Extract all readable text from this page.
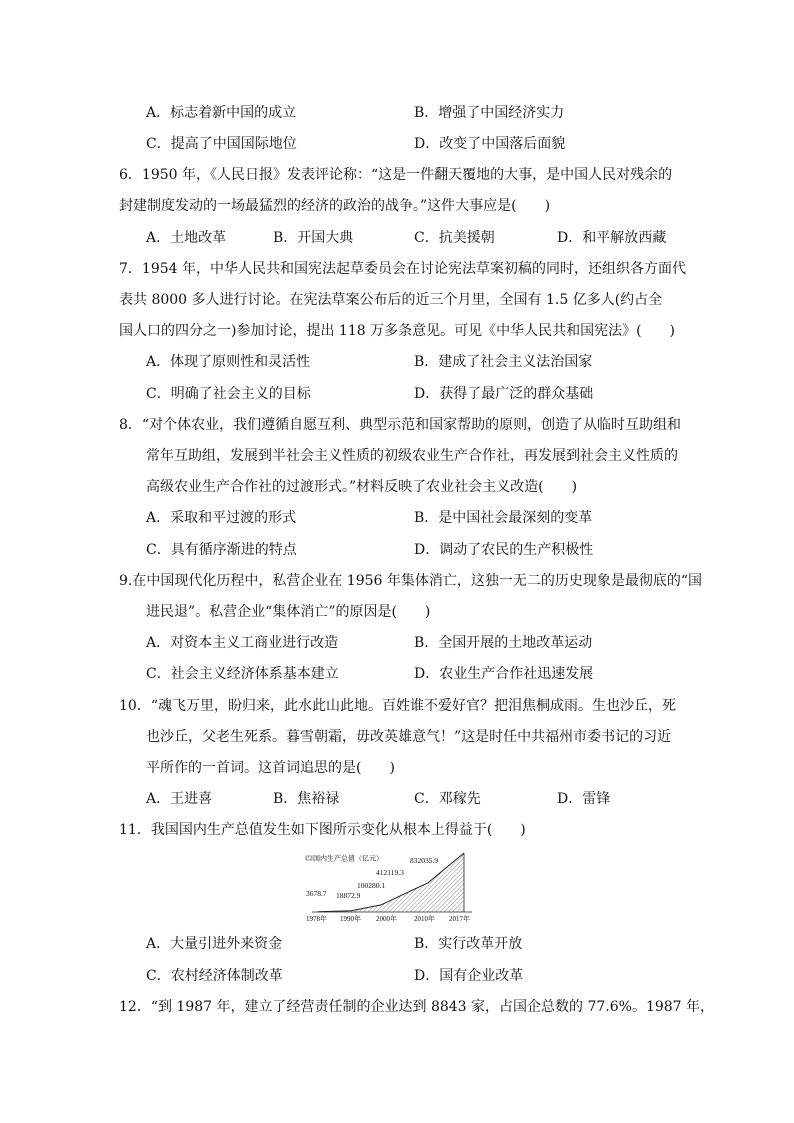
A．标志着新中国的成立	B．增强了中国经济实力
C．提高了中国国际地位	D．改变了中国落后面貌
6．1950 年，《人民日报》发表评论称：“这是一件翻天覆地的大事，是中国人民对残余的
封建制度发动的一场最猛烈的经济的政治的战争。”这件大事应是(　　)
A．土地改革	B．开国大典	C．抗美援朝	D．和平解放西藏
7．1954 年，中华人民共和国宪法起草委员会在讨论宪法草案初稿的同时，还组织各方面代
表共 8000 多人进行讨论。在宪法草案公布后的近三个月里，全国有 1.5 亿多人(约占全
国人口的四分之一)参加讨论，提出 118 万多条意见。可见《中华人民共和国宪法》(　　)
A．体现了原则性和灵活性	B．建成了社会主义法治国家
C．明确了社会主义的目标	D．获得了最广泛的群众基础
8．“对个体农业，我们遵循自愿互利、典型示范和国家帮助的原则，创造了从临时互助组和
常年互助组，发展到半社会主义性质的初级农业生产合作社，再发展到社会主义性质的
高级农业生产合作社的过渡形式。”材料反映了农业社会主义改造(　　)
A．采取和平过渡的形式	B．是中国社会最深刻的变革
C．具有循序渐进的特点	D．调动了农民的生产积极性
9.在中国现代化历程中，私营企业在 1956 年集体消亡，这独一无二的历史现象是最彻底的“国
进民退”。私营企业“集体消亡”的原因是(　　)
A．对资本主义工商业进行改造	B．全国开展的土地改革运动
C．社会主义经济体系基本建立	D．农业生产合作社迅速发展
10．“魂飞万里，盼归来，此水此山此地。百姓谁不爱好官？把泪焦桐成雨。生也沙丘，死
也沙丘，父老生死系。暮雪朝霜，毋改英雄意气！”这是时任中共福州市委书记的习近
平所作的一首词。这首词追思的是(　　)
A．王进喜	B．焦裕禄	C．邓稼先	D．雷锋
11．我国国内生产总值发生如下图所示变化从根本上得益于(　　)
国内生产总值（亿元）
3678.7 18872.9
100280.1
412119.3
832035.9
1978年 1990年 2000年 2010年 2017年
A．大量引进外来资金	B．实行改革开放
C．农村经济体制改革	D．国有企业改革
12．“到 1987 年，建立了经营责任制的企业达到 8843 家，占国企总数的 77.6%。1987 年，
